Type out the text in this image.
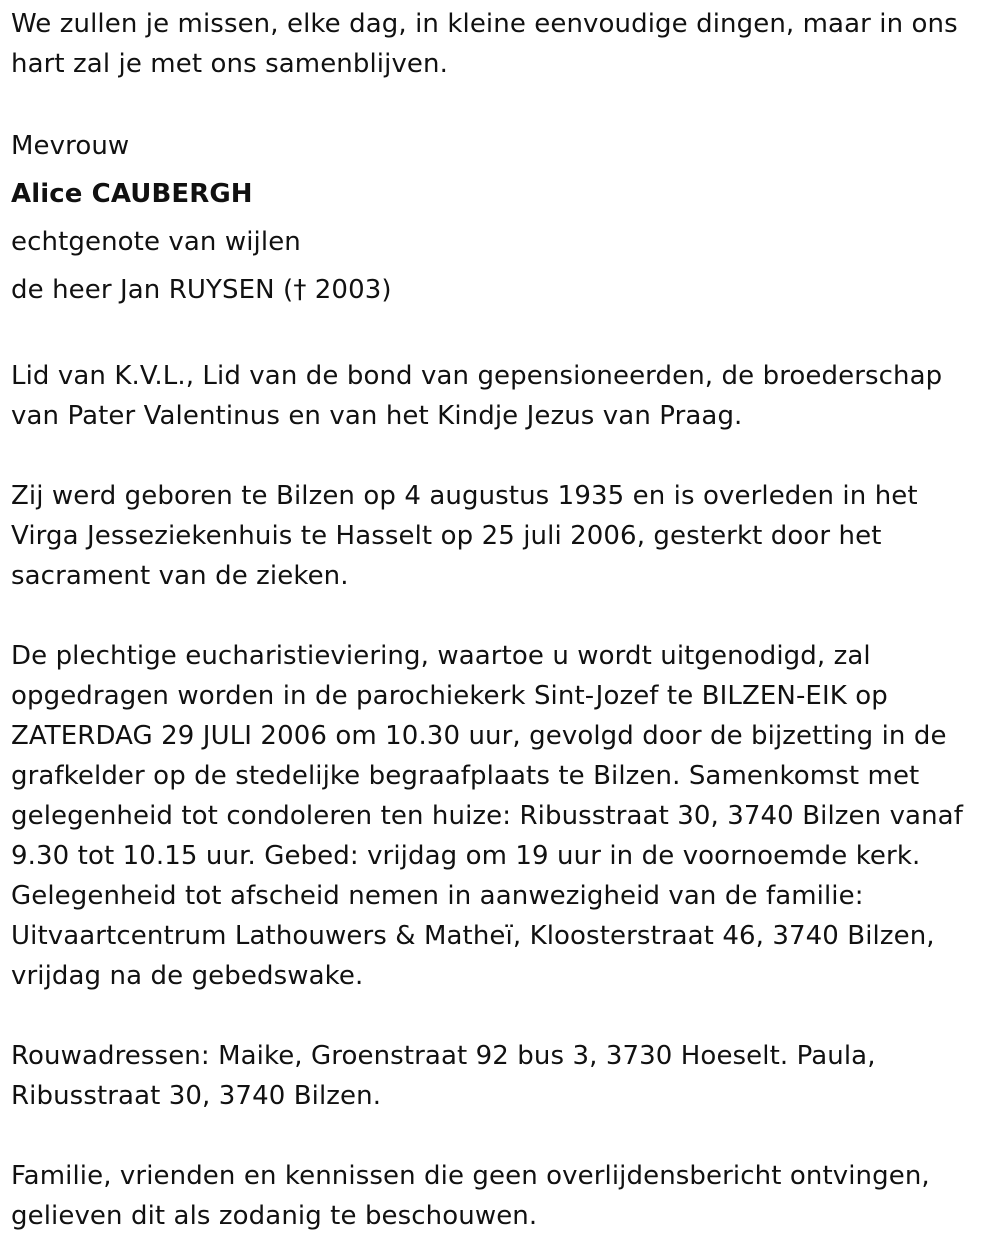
We zullen je missen, elke dag, in kleine eenvoudige dingen, maar in ons hart zal je met ons samenblijven.

Mevrouw
Alice CAUBERGH
echtgenote van wijlen
de heer Jan RUYSEN († 2003)

Lid van K.V.L., Lid van de bond van gepensioneerden, de broederschap van Pater Valentinus en van het Kindje Jezus van Praag.

Zij werd geboren te Bilzen op 4 augustus 1935 en is overleden in het Virga Jesseziekenhuis te Hasselt op 25 juli 2006, gesterkt door het sacrament van de zieken.

De plechtige eucharistieviering, waartoe u wordt uitgenodigd, zal opgedragen worden in de parochiekerk Sint-Jozef te BILZEN-EIK op ZATERDAG 29 JULI 2006 om 10.30 uur, gevolgd door de bijzetting in de grafkelder op de stedelijke begraafplaats te Bilzen. Samenkomst met gelegenheid tot condoleren ten huize: Ribusstraat 30, 3740 Bilzen vanaf 9.30 tot 10.15 uur. Gebed: vrijdag om 19 uur in de voornoemde kerk. Gelegenheid tot afscheid nemen in aanwezigheid van de familie: Uitvaartcentrum Lathouwers & Matheï, Kloosterstraat 46, 3740 Bilzen, vrijdag na de gebedswake.

Rouwadressen: Maike, Groenstraat 92 bus 3, 3730 Hoeselt. Paula, Ribusstraat 30, 3740 Bilzen.

Familie, vrienden en kennissen die geen overlijdensbericht ontvingen, gelieven dit als zodanig te beschouwen.
